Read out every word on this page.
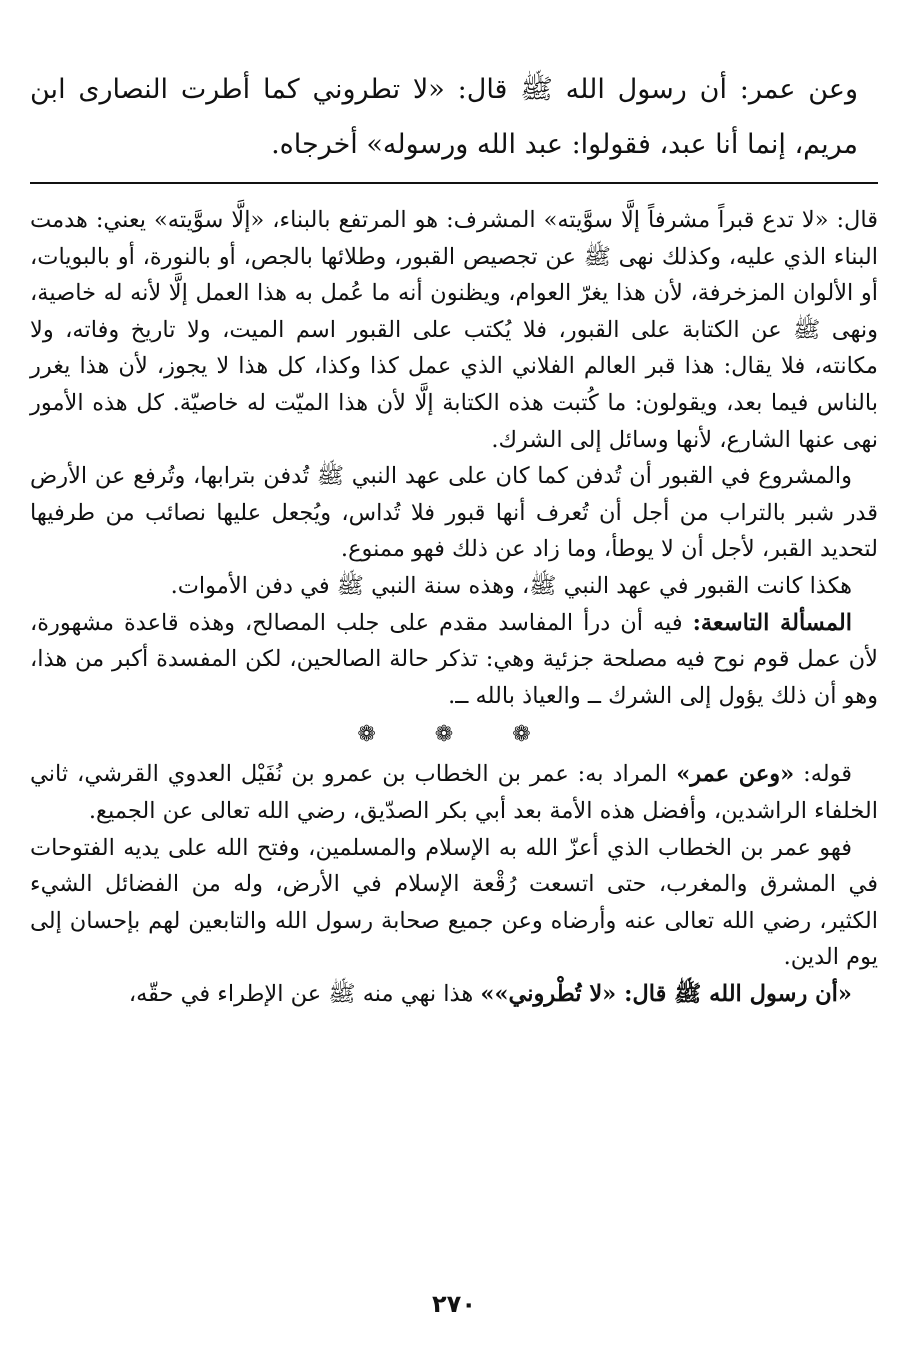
وعن عمر: أن رسول الله ﷺ قال: «لا تطروني كما أطرت النصارى ابن مريم، إنما أنا عبد، فقولوا: عبد الله ورسوله» أخرجاه.

قال: «لا تدع قبراً مشرفاً إلَّا سوَّيته» المشرف: هو المرتفع بالبناء، «إلَّا سوَّيته» يعني: هدمت البناء الذي عليه، وكذلك نهى ﷺ عن تجصيص القبور، وطلائها بالجص، أو بالنورة، أو بالبويات، أو الألوان المزخرفة، لأن هذا يغرّ العوام، ويظنون أنه ما عُمل به هذا العمل إلَّا لأنه له خاصية، ونهى ﷺ عن الكتابة على القبور، فلا يُكتب على القبور اسم الميت، ولا تاريخ وفاته، ولا مكانته، فلا يقال: هذا قبر العالم الفلاني الذي عمل كذا وكذا، كل هذا لا يجوز، لأن هذا يغرر بالناس فيما بعد، ويقولون: ما كُتبت هذه الكتابة إلَّا لأن هذا الميّت له خاصيّة. كل هذه الأمور نهى عنها الشارع، لأنها وسائل إلى الشرك.

والمشروع في القبور أن تُدفن كما كان على عهد النبي ﷺ تُدفن بترابها، وتُرفع عن الأرض قدر شبر بالتراب من أجل أن تُعرف أنها قبور فلا تُداس، ويُجعل عليها نصائب من طرفيها لتحديد القبر، لأجل أن لا يوطأ، وما زاد عن ذلك فهو ممنوع.

هكذا كانت القبور في عهد النبي ﷺ، وهذه سنة النبي ﷺ في دفن الأموات.

المسألة التاسعة: فيه أن درأ المفاسد مقدم على جلب المصالح، وهذه قاعدة مشهورة، لأن عمل قوم نوح فيه مصلحة جزئية وهي: تذكر حالة الصالحين، لكن المفسدة أكبر من هذا، وهو أن ذلك يؤول إلى الشرك ــ والعياذ بالله ــ.

❁ ❁ ❁

قوله: «وعن عمر» المراد به: عمر بن الخطاب بن عمرو بن نُفَيْل العدوي القرشي، ثاني الخلفاء الراشدين، وأفضل هذه الأمة بعد أبي بكر الصدّيق، رضي الله تعالى عن الجميع.

فهو عمر بن الخطاب الذي أعزّ الله به الإسلام والمسلمين، وفتح الله على يديه الفتوحات في المشرق والمغرب، حتى اتسعت رُقْعة الإسلام في الأرض، وله من الفضائل الشيء الكثير، رضي الله تعالى عنه وأرضاه وعن جميع صحابة رسول الله والتابعين لهم بإحسان إلى يوم الدين.

«أن رسول الله ﷺ قال: «لا تُطْروني»» هذا نهي منه ﷺ عن الإطراء في حقّه،

٢٧٠
